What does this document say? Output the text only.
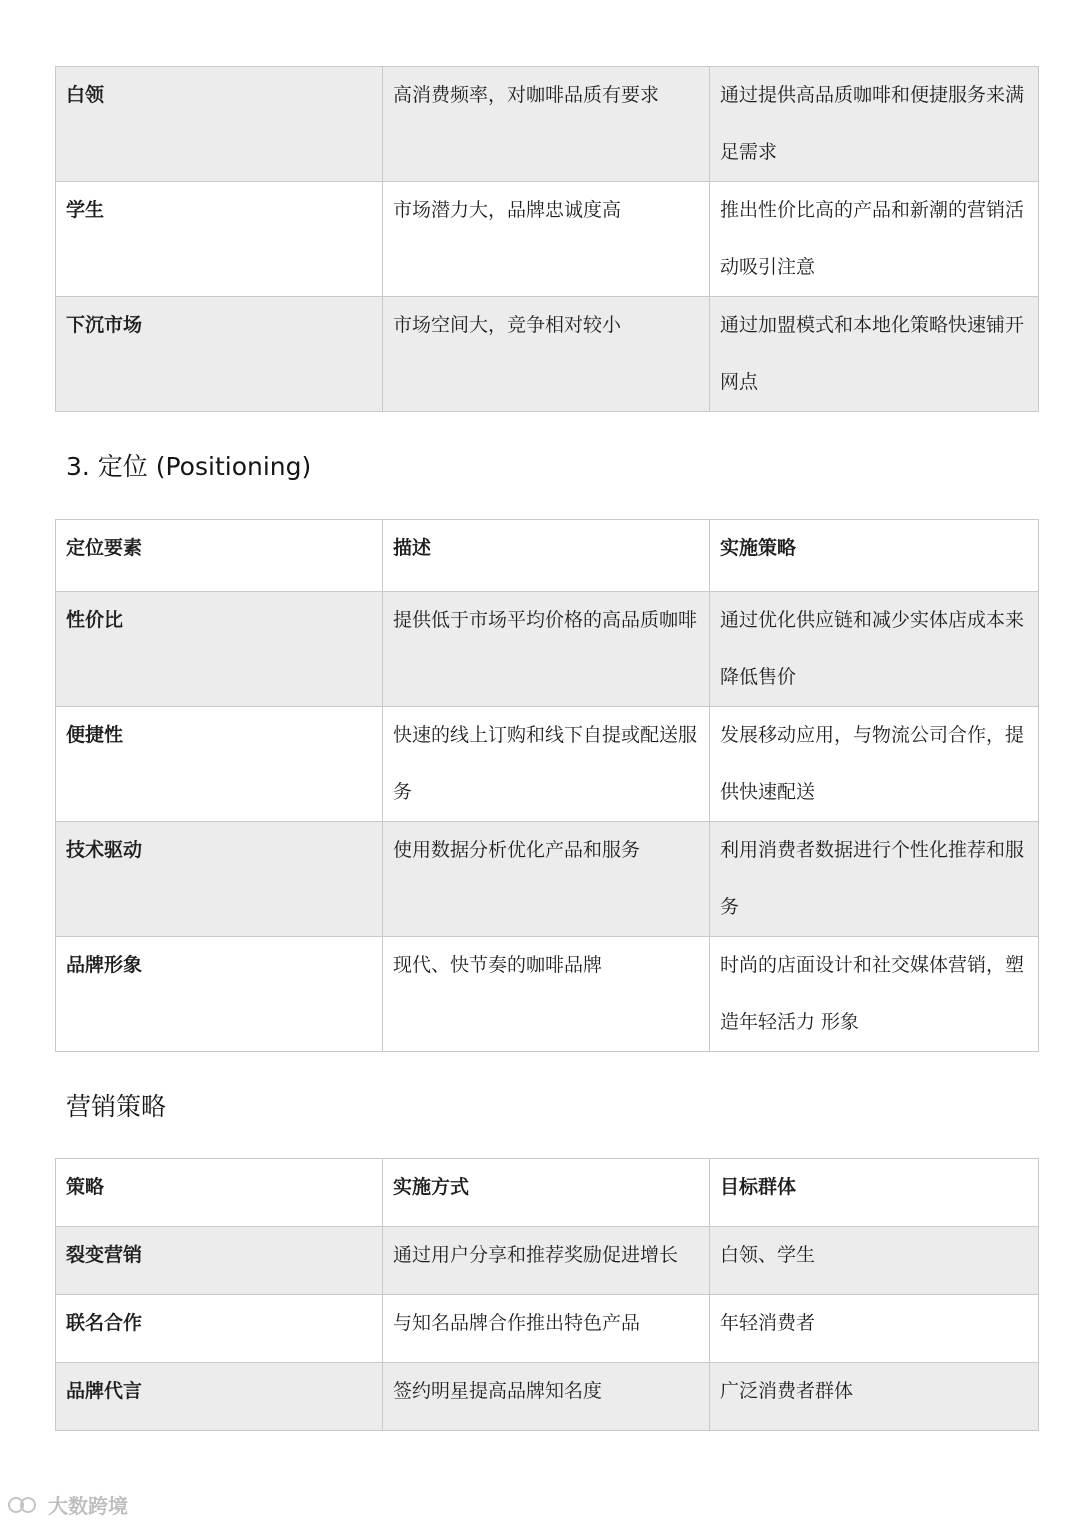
白领	高消费频率，对咖啡品质有要求	通过提供高品质咖啡和便捷服务来满足需求

学生	市场潜力大，品牌忠诚度高	推出性价比高的产品和新潮的营销活动吸引注意

下沉市场	市场空间大，竞争相对较小	通过加盟模式和本地化策略快速铺开网点
3. 定位 (Positioning)
定位要素	描述	实施策略

性价比	提供低于市场平均价格的高品质咖啡	通过优化供应链和减少实体店成本来降低售价

便捷性	快速的线上订购和线下自提或配送服务	发展移动应用，与物流公司合作，提供快速配送

技术驱动	使用数据分析优化产品和服务	利用消费者数据进行个性化推荐和服务

品牌形象	现代、快节奏的咖啡品牌	时尚的店面设计和社交媒体营销，塑造年轻活力 形象
营销策略
策略	实施方式	目标群体

裂变营销	通过用户分享和推荐奖励促进增长	白领、学生

联名合作	与知名品牌合作推出特色产品	年轻消费者

品牌代言	签约明星提高品牌知名度	广泛消费者群体
大数跨境
